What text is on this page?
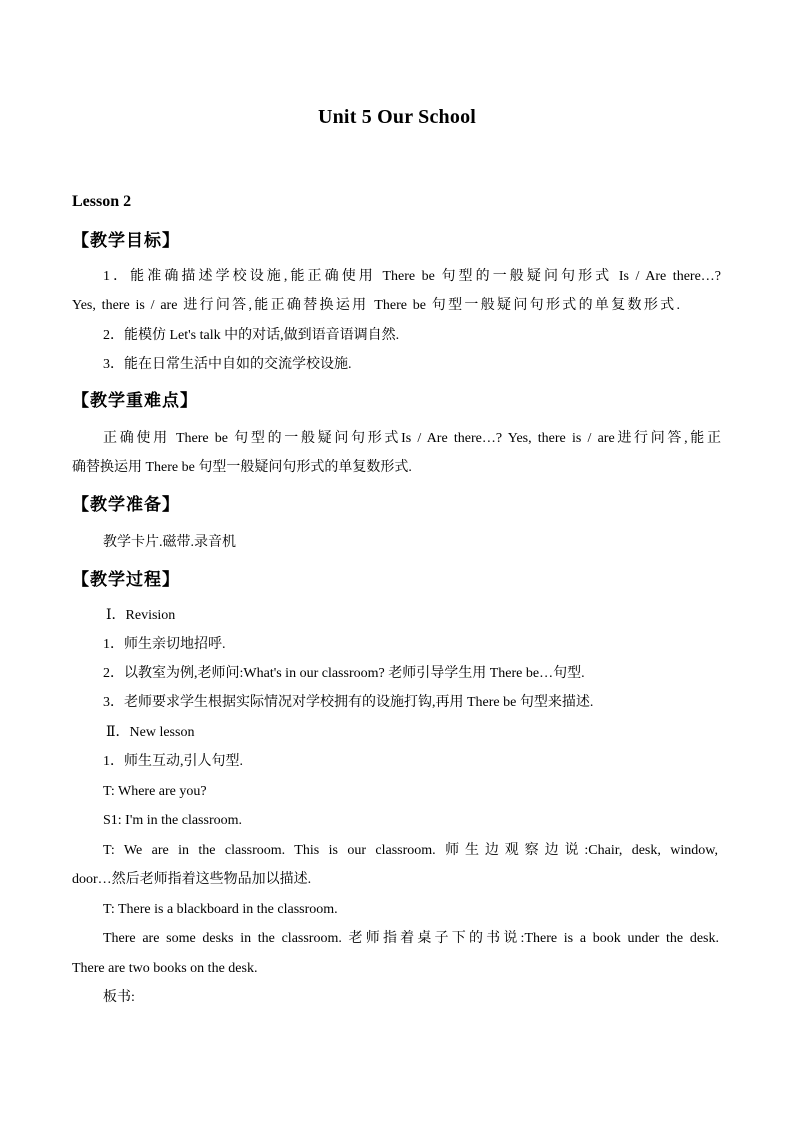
Unit 5 Our School
Lesson 2
【教学目标】
1．能准确描述学校设施,能正确使用 There be 句型的一般疑问句形式 Is / Are there…?
Yes, there is / are 进行问答,能正确替换运用 There be 句型一般疑问句形式的单复数形式.
2．能模仿 Let's talk 中的对话,做到语音语调自然.
3．能在日常生活中自如的交流学校设施.
【教学重难点】
正确使用 There be 句型的一般疑问句形式Is / Are there…? Yes, there is / are进行问答,能正
确替换运用 There be 句型一般疑问句形式的单复数形式.
【教学准备】
教学卡片.磁带.录音机
【教学过程】
Ⅰ．Revision
1．师生亲切地招呼.
2．以教室为例,老师问:What's in our classroom? 老师引导学生用 There be…句型.
3．老师要求学生根据实际情况对学校拥有的设施打钩,再用 There be 句型来描述.
Ⅱ．New lesson
1．师生互动,引人句型.
T: Where are you?
S1: I'm in the classroom.
T: We are in the classroom. This is our classroom. 师生边观察边说:Chair, desk, window,
door…然后老师指着这些物品加以描述.
T: There is a blackboard in the classroom.
There are some desks in the classroom. 老师指着桌子下的书说:There is a book under the desk.
There are two books on the desk.
板书:
